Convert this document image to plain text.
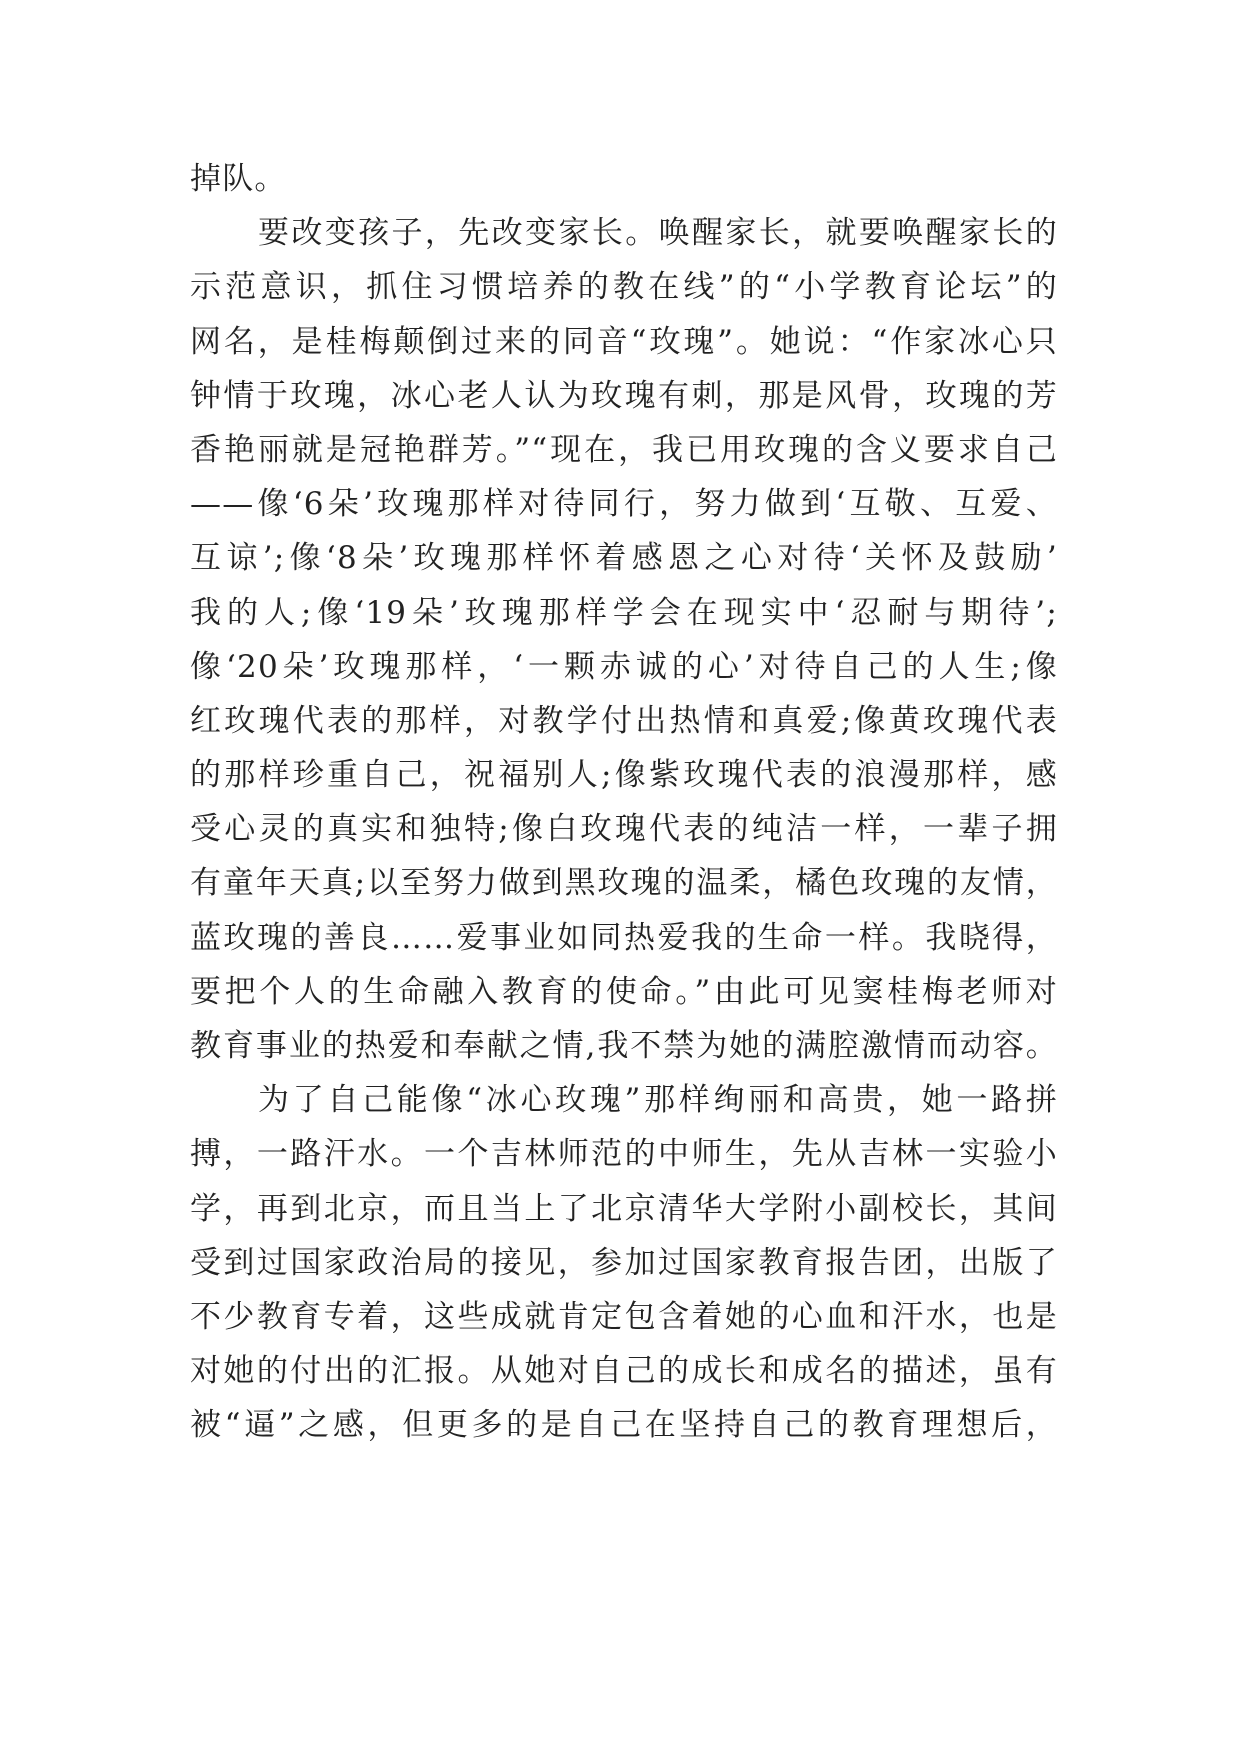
掉队。
要改变孩子，先改变家长。唤醒家长，就要唤醒家长的
示范意识，抓住习惯培养的教在线”的“小学教育论坛”的
网名，是桂梅颠倒过来的同音“玫瑰”。她说：“作家冰心只
钟情于玫瑰，冰心老人认为玫瑰有刺，那是风骨，玫瑰的芳
香艳丽就是冠艳群芳。”“现在，我已用玫瑰的含义要求自己
——像‘6朵’玫瑰那样对待同行，努力做到‘互敬、互爱、
互谅’;像‘8朵’玫瑰那样怀着感恩之心对待‘关怀及鼓励’
我的人;像‘19朵’玫瑰那样学会在现实中‘忍耐与期待’;
像‘20朵’玫瑰那样，‘一颗赤诚的心’对待自己的人生;像
红玫瑰代表的那样，对教学付出热情和真爱;像黄玫瑰代表
的那样珍重自己，祝福别人;像紫玫瑰代表的浪漫那样，感
受心灵的真实和独特;像白玫瑰代表的纯洁一样，一辈子拥
有童年天真;以至努力做到黑玫瑰的温柔，橘色玫瑰的友情，
蓝玫瑰的善良……爱事业如同热爱我的生命一样。我晓得，
要把个人的生命融入教育的使命。”由此可见窦桂梅老师对
教育事业的热爱和奉献之情,我不禁为她的满腔激情而动容。
为了自己能像“冰心玫瑰”那样绚丽和高贵，她一路拼
搏，一路汗水。一个吉林师范的中师生，先从吉林一实验小
学，再到北京，而且当上了北京清华大学附小副校长，其间
受到过国家政治局的接见，参加过国家教育报告团，出版了
不少教育专着，这些成就肯定包含着她的心血和汗水，也是
对她的付出的汇报。从她对自己的成长和成名的描述，虽有
被“逼”之感，但更多的是自己在坚持自己的教育理想后，
